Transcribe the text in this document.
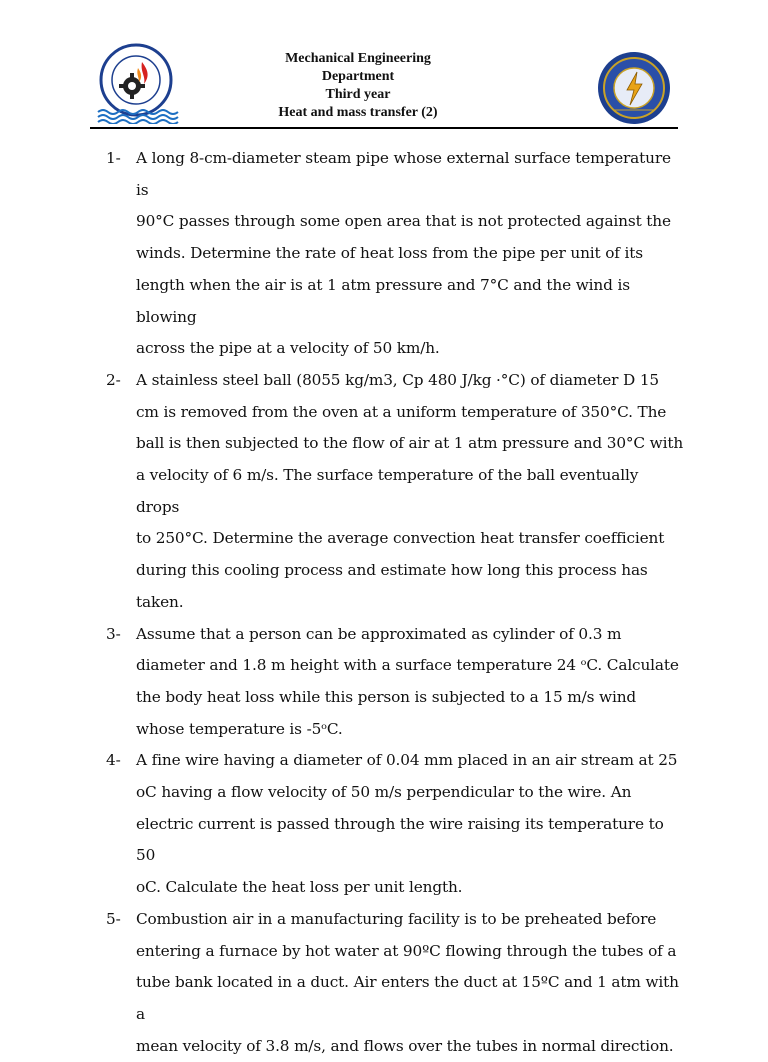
Mechanical Engineering
Department
Third year
Heat and mass transfer (2)
1-	A long 8-cm-diameter steam pipe whose external surface temperature is
90°C passes through some open area that is not protected against the
winds. Determine the rate of heat loss from the pipe per unit of its
length when the air is at 1 atm pressure and 7°C and the wind is blowing
across the pipe at a velocity of 50 km/h.
2-	A stainless steel ball (8055 kg/m3, Cp 480 J/kg ·°C) of diameter D 15
cm is removed from the oven at a uniform temperature of 350°C. The
ball is then subjected to the flow of air at 1 atm pressure and 30°C with
a velocity of 6 m/s. The surface temperature of the ball eventually drops
to 250°C. Determine the average convection heat transfer coefficient
during this cooling process and estimate how long this process has
taken.
3-	Assume that a person can be approximated as cylinder of 0.3 m
diameter and 1.8 m height with a surface temperature 24 ᵒC. Calculate
the body heat loss while this person is subjected to a 15 m/s wind
whose temperature is -5ᵒC.
4-	A fine wire having a diameter of 0.04 mm placed in an air stream at 25
oC having a flow velocity of 50 m/s perpendicular to the wire. An
electric current is passed through the wire raising its temperature to 50
oC. Calculate the heat loss per unit length.
5-	Combustion air in a manufacturing facility is to be preheated before
entering a furnace by hot water at 90ºC flowing through the tubes of a
tube bank located in a duct. Air enters the duct at 15ºC and 1 atm with a
mean velocity of 3.8 m/s, and flows over the tubes in normal direction.
